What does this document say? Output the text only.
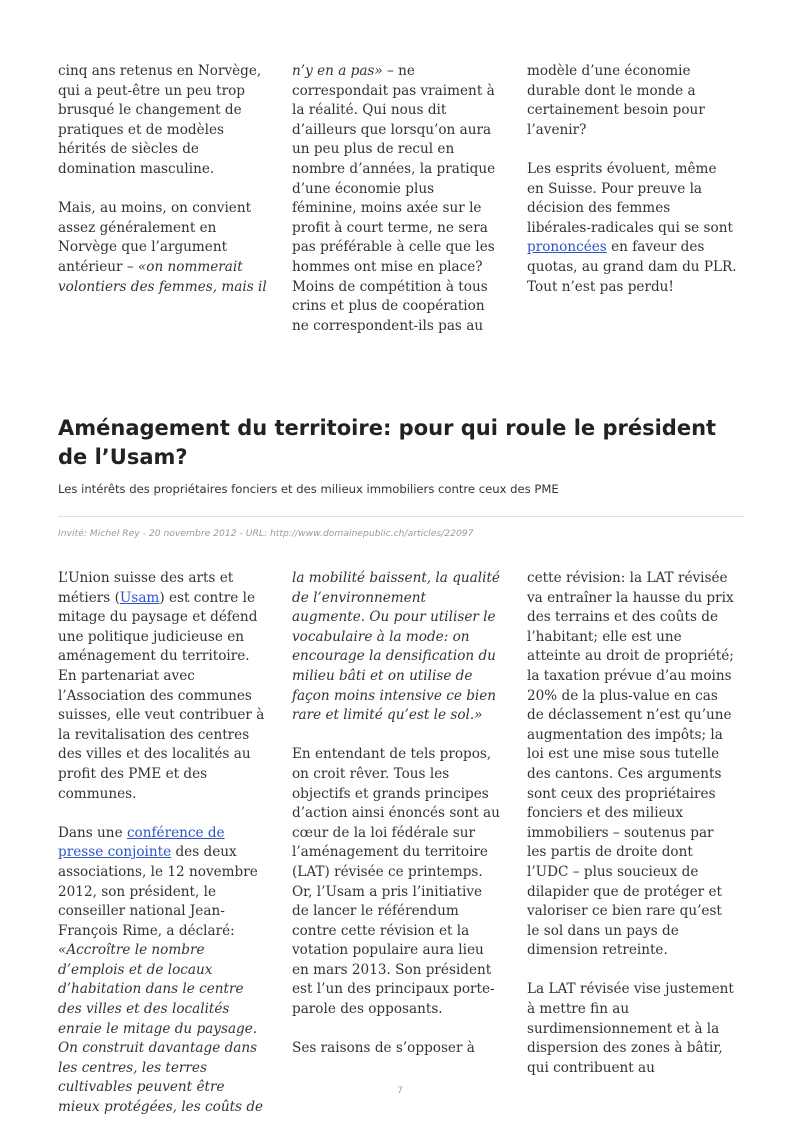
cinq ans retenus en Norvège, qui a peut-être un peu trop brusqué le changement de pratiques et de modèles hérités de siècles de domination masculine.

Mais, au moins, on convient assez généralement en Norvège que l’argument antérieur – «on nommerait volontiers des femmes, mais il

n’y en a pas» – ne correspondait pas vraiment à la réalité. Qui nous dit d’ailleurs que lorsqu’on aura un peu plus de recul en nombre d’années, la pratique d’une économie plus féminine, moins axée sur le profit à court terme, ne sera pas préférable à celle que les hommes ont mise en place? Moins de compétition à tous crins et plus de coopération ne correspondent-ils pas au

modèle d’une économie durable dont le monde a certainement besoin pour l’avenir?

Les esprits évoluent, même en Suisse. Pour preuve la décision des femmes libérales-radicales qui se sont prononcées en faveur des quotas, au grand dam du PLR. Tout n’est pas perdu!

Aménagement du territoire: pour qui roule le président de l’Usam?

Les intérêts des propriétaires fonciers et des milieux immobiliers contre ceux des PME

Invité: Michel Rey - 20 novembre 2012 - URL: http://www.domainepublic.ch/articles/22097

L’Union suisse des arts et métiers (Usam) est contre le mitage du paysage et défend une politique judicieuse en aménagement du territoire. En partenariat avec l’Association des communes suisses, elle veut contribuer à la revitalisation des centres des villes et des localités au profit des PME et des communes.

Dans une conférence de presse conjointe des deux associations, le 12 novembre 2012, son président, le conseiller national Jean-François Rime, a déclaré: «Accroître le nombre d’emplois et de locaux d’habitation dans le centre des villes et des localités enraie le mitage du paysage. On construit davantage dans les centres, les terres cultivables peuvent être mieux protégées, les coûts de

la mobilité baissent, la qualité de l’environnement augmente. Ou pour utiliser le vocabulaire à la mode: on encourage la densification du milieu bâti et on utilise de façon moins intensive ce bien rare et limité qu’est le sol.»

En entendant de tels propos, on croit rêver. Tous les objectifs et grands principes d’action ainsi énoncés sont au cœur de la loi fédérale sur l’aménagement du territoire (LAT) révisée ce printemps. Or, l’Usam a pris l’initiative de lancer le référendum contre cette révision et la votation populaire aura lieu en mars 2013. Son président est l’un des principaux porte-parole des opposants.

Ses raisons de s’opposer à

cette révision: la LAT révisée va entraîner la hausse du prix des terrains et des coûts de l’habitant; elle est une atteinte au droit de propriété; la taxation prévue d’au moins 20% de la plus-value en cas de déclassement n’est qu’une augmentation des impôts; la loi est une mise sous tutelle des cantons. Ces arguments sont ceux des propriétaires fonciers et des milieux immobiliers – soutenus par les partis de droite dont l’UDC – plus soucieux de dilapider que de protéger et valoriser ce bien rare qu’est le sol dans un pays de dimension retreinte.

La LAT révisée vise justement à mettre fin au surdimensionnement et à la dispersion des zones à bâtir, qui contribuent au

7
